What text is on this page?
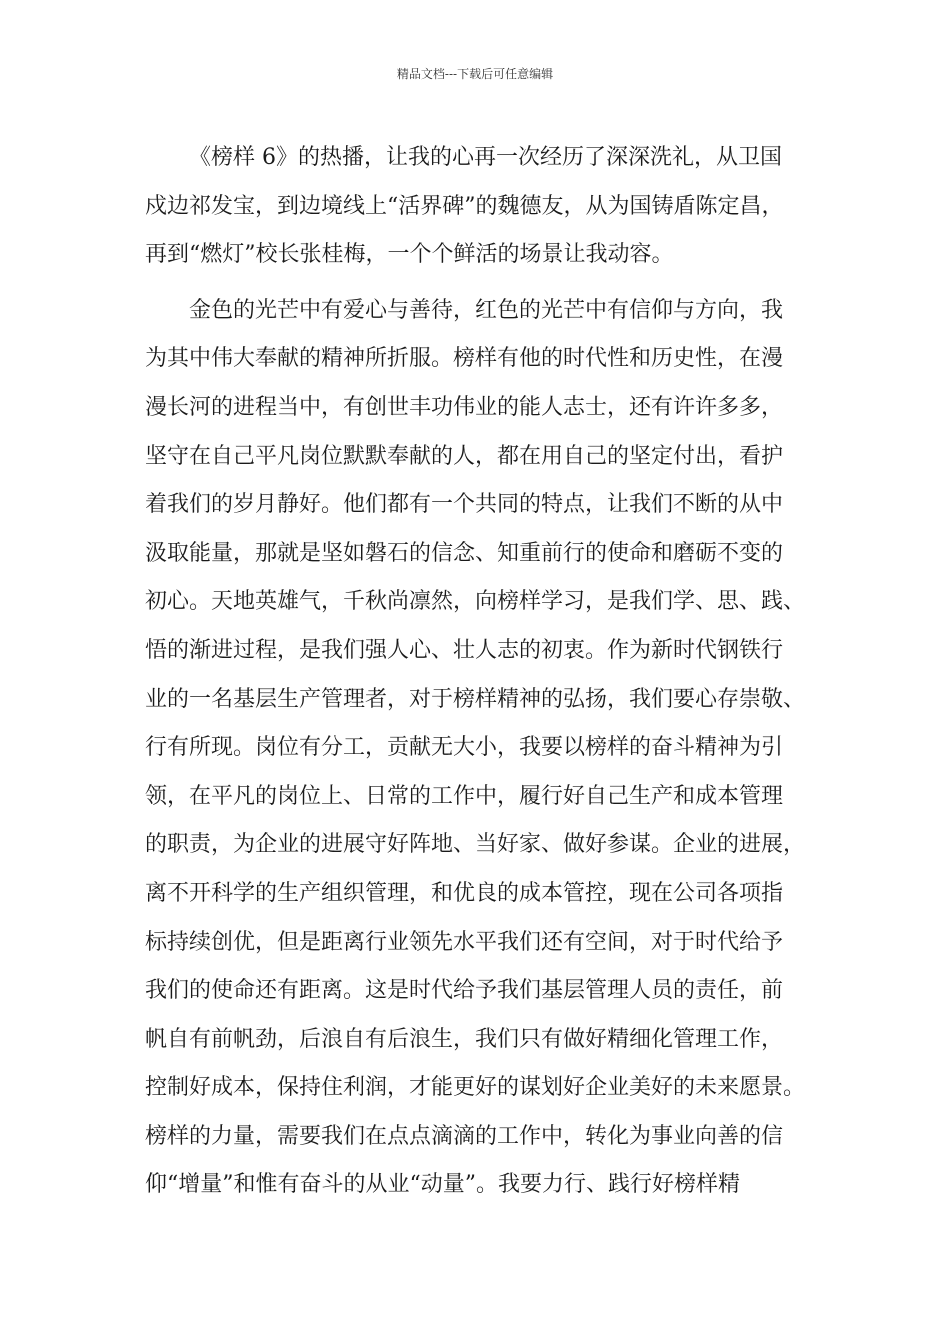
精品文档---下载后可任意编辑
《榜样 6》的热播，让我的心再一次经历了深深洗礼，从卫国
戍边祁发宝，到边境线上“活界碑”的魏德友，从为国铸盾陈定昌，
再到“燃灯”校长张桂梅，一个个鲜活的场景让我动容。
金色的光芒中有爱心与善待，红色的光芒中有信仰与方向，我
为其中伟大奉献的精神所折服。榜样有他的时代性和历史性，在漫
漫长河的进程当中，有创世丰功伟业的能人志士，还有许许多多，
坚守在自己平凡岗位默默奉献的人，都在用自己的坚定付出，看护
着我们的岁月静好。他们都有一个共同的特点，让我们不断的从中
汲取能量，那就是坚如磐石的信念、知重前行的使命和磨砺不变的
初心。天地英雄气，千秋尚凛然，向榜样学习，是我们学、思、践、
悟的渐进过程，是我们强人心、壮人志的初衷。作为新时代钢铁行
业的一名基层生产管理者，对于榜样精神的弘扬，我们要心存崇敬、
行有所现。岗位有分工，贡献无大小，我要以榜样的奋斗精神为引
领，在平凡的岗位上、日常的工作中，履行好自己生产和成本管理
的职责，为企业的进展守好阵地、当好家、做好参谋。企业的进展，
离不开科学的生产组织管理，和优良的成本管控，现在公司各项指
标持续创优，但是距离行业领先水平我们还有空间，对于时代给予
我们的使命还有距离。这是时代给予我们基层管理人员的责任，前
帆自有前帆劲，后浪自有后浪生，我们只有做好精细化管理工作，
控制好成本，保持住利润，才能更好的谋划好企业美好的未来愿景。
榜样的力量，需要我们在点点滴滴的工作中，转化为事业向善的信
仰“增量”和惟有奋斗的从业“动量”。我要力行、践行好榜样精
